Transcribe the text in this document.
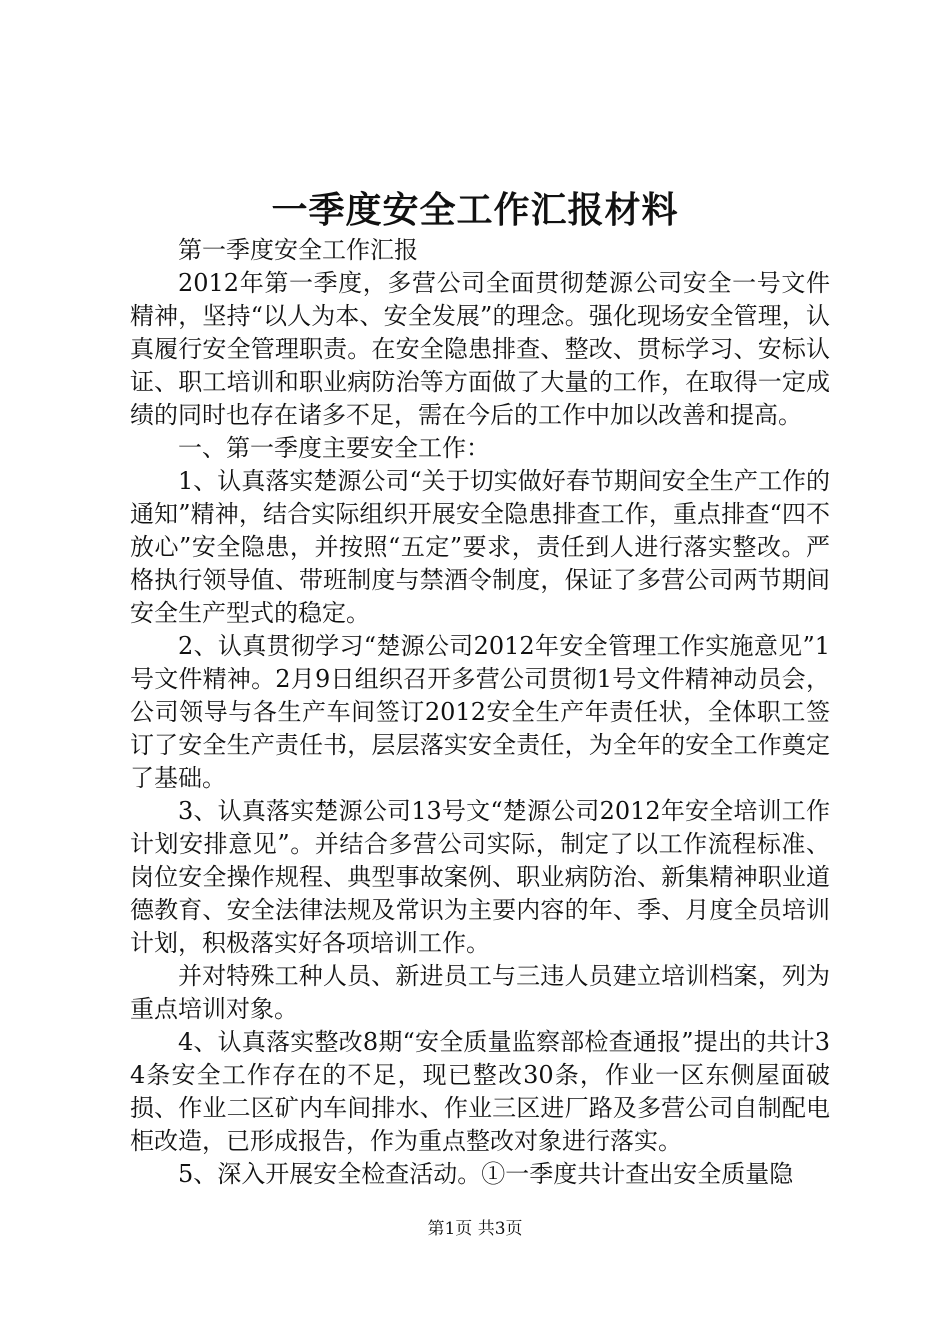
一季度安全工作汇报材料

第一季度安全工作汇报

2012年第一季度，多营公司全面贯彻楚源公司安全一号文件精神，坚持“以人为本、安全发展”的理念。强化现场安全管理，认真履行安全管理职责。在安全隐患排查、整改、贯标学习、安标认证、职工培训和职业病防治等方面做了大量的工作，在取得一定成绩的同时也存在诸多不足，需在今后的工作中加以改善和提高。

一、第一季度主要安全工作：

1、认真落实楚源公司“关于切实做好春节期间安全生产工作的通知”精神，结合实际组织开展安全隐患排查工作，重点排查“四不放心”安全隐患，并按照“五定”要求，责任到人进行落实整改。严格执行领导值、带班制度与禁酒令制度，保证了多营公司两节期间安全生产型式的稳定。

2、认真贯彻学习“楚源公司2012年安全管理工作实施意见”1号文件精神。2月9日组织召开多营公司贯彻1号文件精神动员会，公司领导与各生产车间签订2012安全生产年责任状，全体职工签订了安全生产责任书，层层落实安全责任，为全年的安全工作奠定了基础。

3、认真落实楚源公司13号文“楚源公司2012年安全培训工作计划安排意见”。并结合多营公司实际，制定了以工作流程标准、岗位安全操作规程、典型事故案例、职业病防治、新集精神职业道德教育、安全法律法规及常识为主要内容的年、季、月度全员培训计划，积极落实好各项培训工作。

并对特殊工种人员、新进员工与三违人员建立培训档案，列为重点培训对象。

4、认真落实整改8期“安全质量监察部检查通报”提出的共计34条安全工作存在的不足，现已整改30条，作业一区东侧屋面破损、作业二区矿内车间排水、作业三区进厂路及多营公司自制配电柜改造，已形成报告，作为重点整改对象进行落实。

5、深入开展安全检查活动。①一季度共计查出安全质量隐

第1页 共3页
